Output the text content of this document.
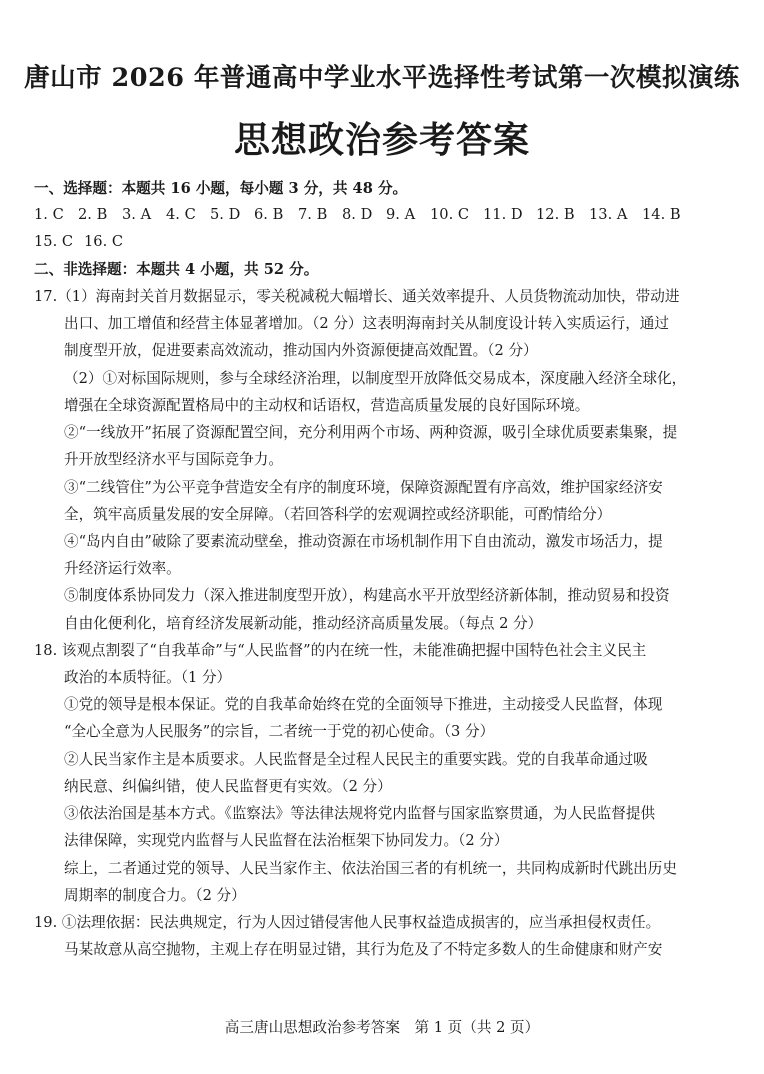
唐山市 2026 年普通高中学业水平选择性考试第一次模拟演练
思想政治参考答案
一、选择题：本题共 16 小题，每小题 3 分，共 48 分。
1. C 2. B 3. A 4. C 5. D 6. B 7. B 8. D 9. A 10. C 11. D 12. B 13. A 14. B
15. C 16. C
二、非选择题：本题共 4 小题，共 52 分。
17.（1）海南封关首月数据显示，零关税减税大幅增长、通关效率提升、人员货物流动加快，带动进
出口、加工增值和经营主体显著增加。（2 分）这表明海南封关从制度设计转入实质运行，通过
制度型开放，促进要素高效流动，推动国内外资源便捷高效配置。（2 分）
（2）①对标国际规则，参与全球经济治理，以制度型开放降低交易成本，深度融入经济全球化，
增强在全球资源配置格局中的主动权和话语权，营造高质量发展的良好国际环境。
②“一线放开”拓展了资源配置空间，充分利用两个市场、两种资源，吸引全球优质要素集聚，提
升开放型经济水平与国际竞争力。
③“二线管住”为公平竞争营造安全有序的制度环境，保障资源配置有序高效，维护国家经济安
全，筑牢高质量发展的安全屏障。（若回答科学的宏观调控或经济职能，可酌情给分）
④“岛内自由”破除了要素流动壁垒，推动资源在市场机制作用下自由流动，激发市场活力，提
升经济运行效率。
⑤制度体系协同发力（深入推进制度型开放），构建高水平开放型经济新体制，推动贸易和投资
自由化便利化，培育经济发展新动能，推动经济高质量发展。（每点 2 分）
18. 该观点割裂了“自我革命”与“人民监督”的内在统一性，未能准确把握中国特色社会主义民主
政治的本质特征。（1 分）
①党的领导是根本保证。党的自我革命始终在党的全面领导下推进，主动接受人民监督，体现
“全心全意为人民服务”的宗旨，二者统一于党的初心使命。（3 分）
②人民当家作主是本质要求。人民监督是全过程人民民主的重要实践。党的自我革命通过吸
纳民意、纠偏纠错，使人民监督更有实效。（2 分）
③依法治国是基本方式。《监察法》等法律法规将党内监督与国家监察贯通，为人民监督提供
法律保障，实现党内监督与人民监督在法治框架下协同发力。（2 分）
综上，二者通过党的领导、人民当家作主、依法治国三者的有机统一，共同构成新时代跳出历史
周期率的制度合力。（2 分）
19. ①法理依据：民法典规定，行为人因过错侵害他人民事权益造成损害的，应当承担侵权责任。
马某故意从高空抛物，主观上存在明显过错，其行为危及了不特定多数人的生命健康和财产安
高三唐山思想政治参考答案　第 1 页（共 2 页）
